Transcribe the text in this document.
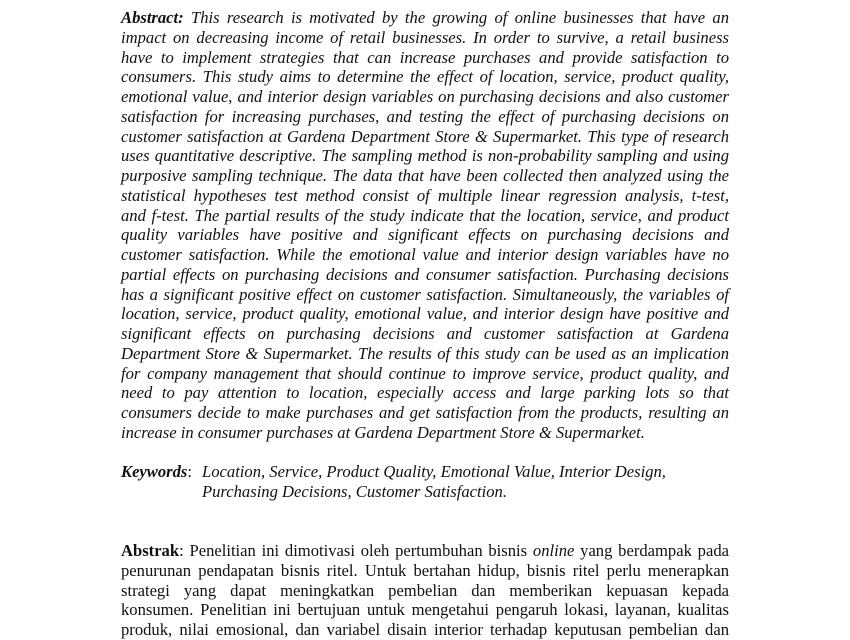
Abstract: This research is motivated by the growing of online businesses that have an
impact on decreasing income of retail businesses. In order to survive, a retail business
have to implement strategies that can increase purchases and provide satisfaction to
consumers. This study aims to determine the effect of location, service, product quality,
emotional value, and interior design variables on purchasing decisions and also customer
satisfaction for increasing purchases, and testing the effect of purchasing decisions on
customer satisfaction at Gardena Department Store & Supermarket. This type of research
uses quantitative descriptive. The sampling method is non-probability sampling and using
purposive sampling technique. The data that have been collected then analyzed using the
statistical hypotheses test method consist of multiple linear regression analysis, t-test,
and f-test. The partial results of the study indicate that the location, service, and product
quality variables have positive and significant effects on purchasing decisions and
customer satisfaction. While the emotional value and interior design variables have no
partial effects on purchasing decisions and consumer satisfaction. Purchasing decisions
has a significant positive effect on customer satisfaction. Simultaneously, the variables of
location, service, product quality, emotional value, and interior design have positive and
significant effects on purchasing decisions and customer satisfaction at Gardena
Department Store & Supermarket. The results of this study can be used as an implication
for company management that should continue to improve service, product quality, and
need to pay attention to location, especially access and large parking lots so that
consumers decide to make purchases and get satisfaction from the products, resulting an
increase in consumer purchases at Gardena Department Store & Supermarket.
Keywords: Location, Service, Product Quality, Emotional Value, Interior Design,
Purchasing Decisions, Customer Satisfaction.
Abstrak: Penelitian ini dimotivasi oleh pertumbuhan bisnis online yang berdampak pada
penurunan pendapatan bisnis ritel. Untuk bertahan hidup, bisnis ritel perlu menerapkan
strategi yang dapat meningkatkan pembelian dan memberikan kepuasan kepada
konsumen. Penelitian ini bertujuan untuk mengetahui pengaruh lokasi, layanan, kualitas
produk, nilai emosional, dan variabel disain interior terhadap keputusan pembelian dan
